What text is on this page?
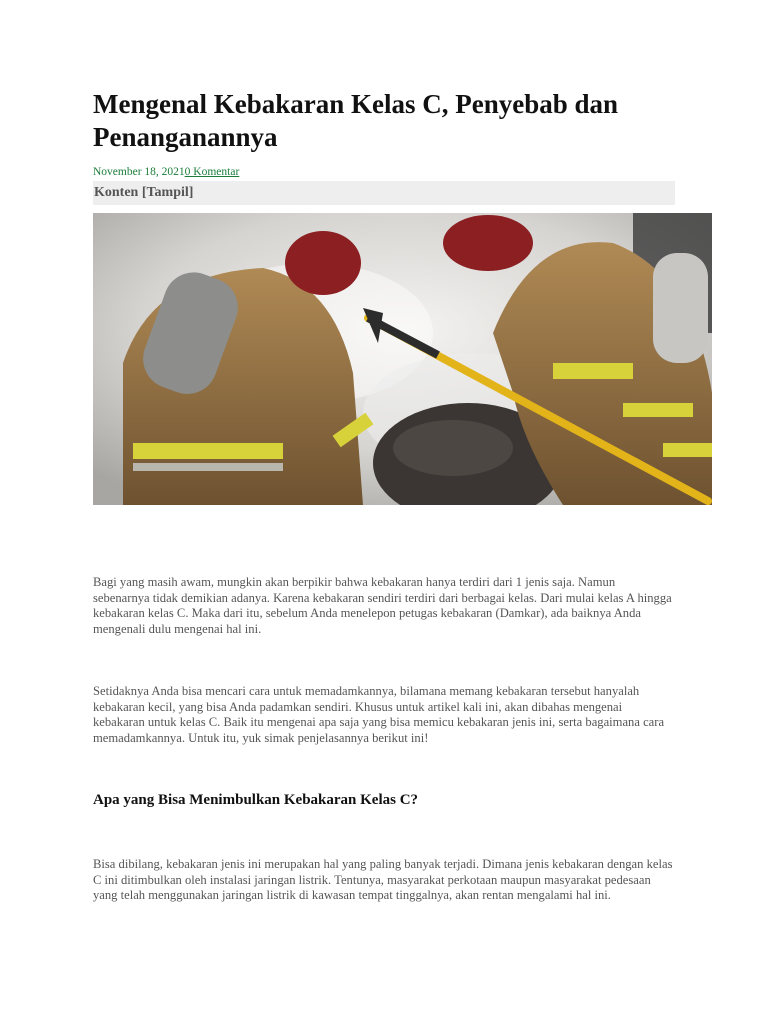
Mengenal Kebakaran Kelas C, Penyebab dan Penanganannya
November 18, 20210 Komentar
Konten [Tampil]

Bagi yang masih awam, mungkin akan berpikir bahwa kebakaran hanya terdiri dari 1 jenis saja. Namun sebenarnya tidak demikian adanya. Karena kebakaran sendiri terdiri dari berbagai kelas. Dari mulai kelas A hingga kebakaran kelas C. Maka dari itu, sebelum Anda menelepon petugas kebakaran (Damkar), ada baiknya Anda mengenali dulu mengenai hal ini.

Setidaknya Anda bisa mencari cara untuk memadamkannya, bilamana memang kebakaran tersebut hanyalah kebakaran kecil, yang bisa Anda padamkan sendiri. Khusus untuk artikel kali ini, akan dibahas mengenai kebakaran untuk kelas C. Baik itu mengenai apa saja yang bisa memicu kebakaran jenis ini, serta bagaimana cara memadamkannya. Untuk itu, yuk simak penjelasannya berikut ini!

Apa yang Bisa Menimbulkan Kebakaran Kelas C?

Bisa dibilang, kebakaran jenis ini merupakan hal yang paling banyak terjadi. Dimana jenis kebakaran dengan kelas C ini ditimbulkan oleh instalasi jaringan listrik. Tentunya, masyarakat perkotaan maupun masyarakat pedesaan yang telah menggunakan jaringan listrik di kawasan tempat tinggalnya, akan rentan mengalami hal ini.
